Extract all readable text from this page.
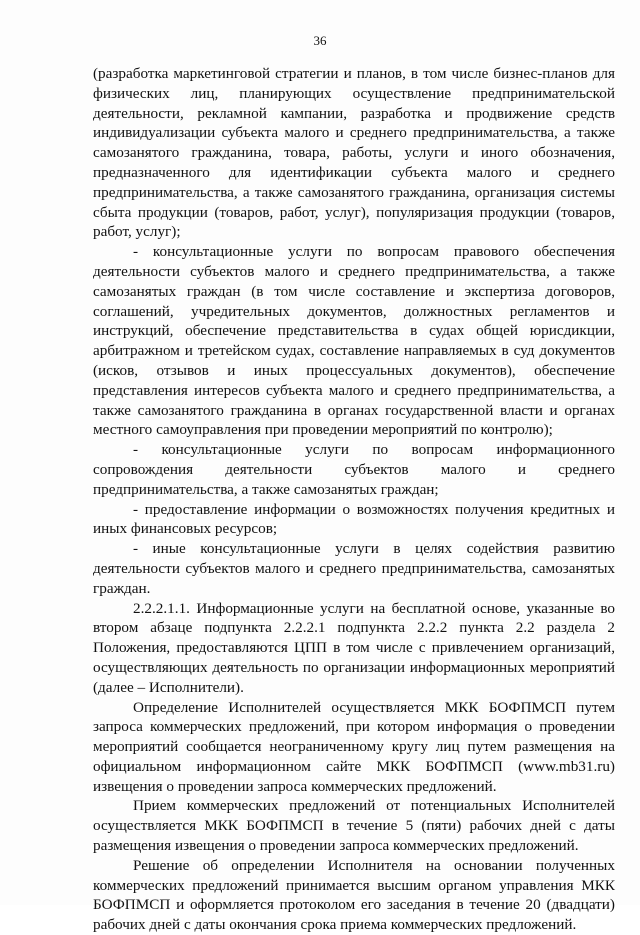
36

(разработка маркетинговой стратегии и планов, в том числе бизнес-планов для физических лиц, планирующих осуществление предпринимательской деятельности, рекламной кампании, разработка и продвижение средств индивидуализации субъекта малого и среднего предпринимательства, а также самозанятого гражданина, товара, работы, услуги и иного обозначения, предназначенного для идентификации субъекта малого и среднего предпринимательства, а также самозанятого гражданина, организация системы сбыта продукции (товаров, работ, услуг), популяризация продукции (товаров, работ, услуг);

- консультационные услуги по вопросам правового обеспечения деятельности субъектов малого и среднего предпринимательства, а также самозанятых граждан (в том числе составление и экспертиза договоров, соглашений, учредительных документов, должностных регламентов и инструкций, обеспечение представительства в судах общей юрисдикции, арбитражном и третейском судах, составление направляемых в суд документов (исков, отзывов и иных процессуальных документов), обеспечение представления интересов субъекта малого и среднего предпринимательства, а также самозанятого гражданина в органах государственной власти и органах местного самоуправления при проведении мероприятий по контролю);

- консультационные услуги по вопросам информационного сопровождения деятельности субъектов малого и среднего предпринимательства, а также самозанятых граждан;

- предоставление информации о возможностях получения кредитных и иных финансовых ресурсов;

- иные консультационные услуги в целях содействия развитию деятельности субъектов малого и среднего предпринимательства, самозанятых граждан.

2.2.2.1.1. Информационные услуги на бесплатной основе, указанные во втором абзаце подпункта 2.2.2.1 подпункта 2.2.2 пункта 2.2 раздела 2 Положения, предоставляются ЦПП в том числе с привлечением организаций, осуществляющих деятельность по организации информационных мероприятий (далее – Исполнители).

Определение Исполнителей осуществляется МКК БОФПМСП путем запроса коммерческих предложений, при котором информация о проведении мероприятий сообщается неограниченному кругу лиц путем размещения на официальном информационном сайте МКК БОФПМСП (www.mb31.ru) извещения о проведении запроса коммерческих предложений.

Прием коммерческих предложений от потенциальных Исполнителей осуществляется МКК БОФПМСП в течение 5 (пяти) рабочих дней с даты размещения извещения о проведении запроса коммерческих предложений.

Решение об определении Исполнителя на основании полученных коммерческих предложений принимается высшим органом управления МКК БОФПМСП и оформляется протоколом его заседания в течение 20 (двадцати) рабочих дней с даты окончания срока приема коммерческих предложений.
